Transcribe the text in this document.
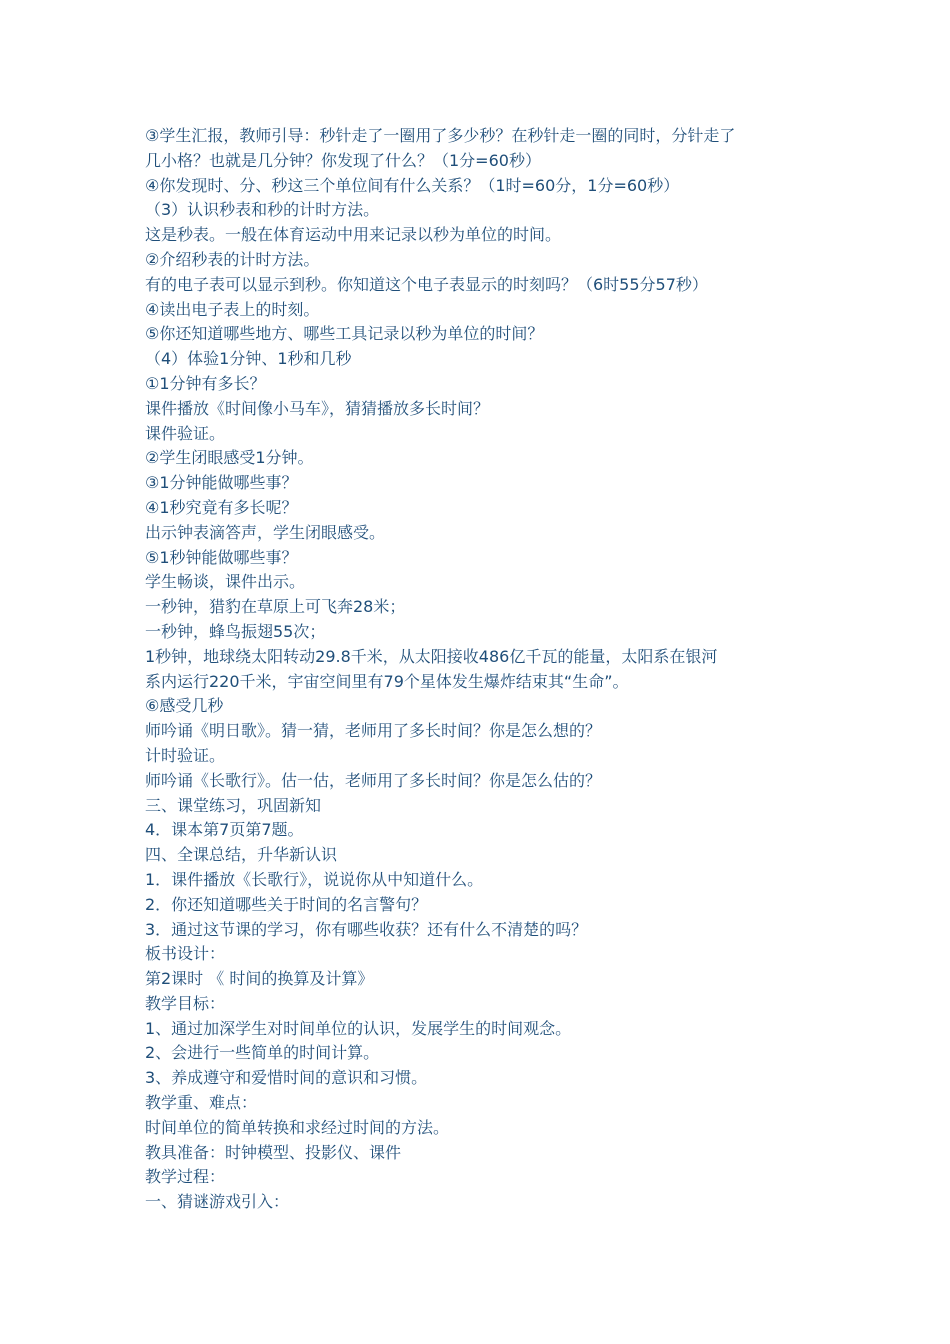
③学生汇报，教师引导：秒针走了一圈用了多少秒？在秒针走一圈的同时，分针走了
几小格？也就是几分钟？你发现了什么？（1分=60秒）
④你发现时、分、秒这三个单位间有什么关系？（1时=60分，1分=60秒）
（3）认识秒表和秒的计时方法。
这是秒表。一般在体育运动中用来记录以秒为单位的时间。
②介绍秒表的计时方法。
有的电子表可以显示到秒。你知道这个电子表显示的时刻吗？（6时55分57秒）
④读出电子表上的时刻。
⑤你还知道哪些地方、哪些工具记录以秒为单位的时间？
（4）体验1分钟、1秒和几秒
①1分钟有多长？
课件播放《时间像小马车》，猜猜播放多长时间？
课件验证。
②学生闭眼感受1分钟。
③1分钟能做哪些事？
④1秒究竟有多长呢？
出示钟表滴答声，学生闭眼感受。
⑤1秒钟能做哪些事？
学生畅谈，课件出示。
一秒钟，猎豹在草原上可飞奔28米；
一秒钟，蜂鸟振翅55次；
1秒钟，地球绕太阳转动29.8千米，从太阳接收486亿千瓦的能量，太阳系在银河
系内运行220千米，宇宙空间里有79个星体发生爆炸结束其“生命”。
⑥感受几秒
师吟诵《明日歌》。猜一猜，老师用了多长时间？你是怎么想的？
计时验证。
师吟诵《长歌行》。估一估，老师用了多长时间？你是怎么估的？
三、课堂练习，巩固新知
4．课本第7页第7题。
四、全课总结，升华新认识
1．课件播放《长歌行》，说说你从中知道什么。
2．你还知道哪些关于时间的名言警句？
3．通过这节课的学习，你有哪些收获？还有什么不清楚的吗？
板书设计：
第2课时 《 时间的换算及计算》
教学目标：
1、通过加深学生对时间单位的认识，发展学生的时间观念。
2、会进行一些简单的时间计算。
3、养成遵守和爱惜时间的意识和习惯。
教学重、难点：
时间单位的简单转换和求经过时间的方法。
教具准备：时钟模型、投影仪、课件
教学过程：
一、猜谜游戏引入：
